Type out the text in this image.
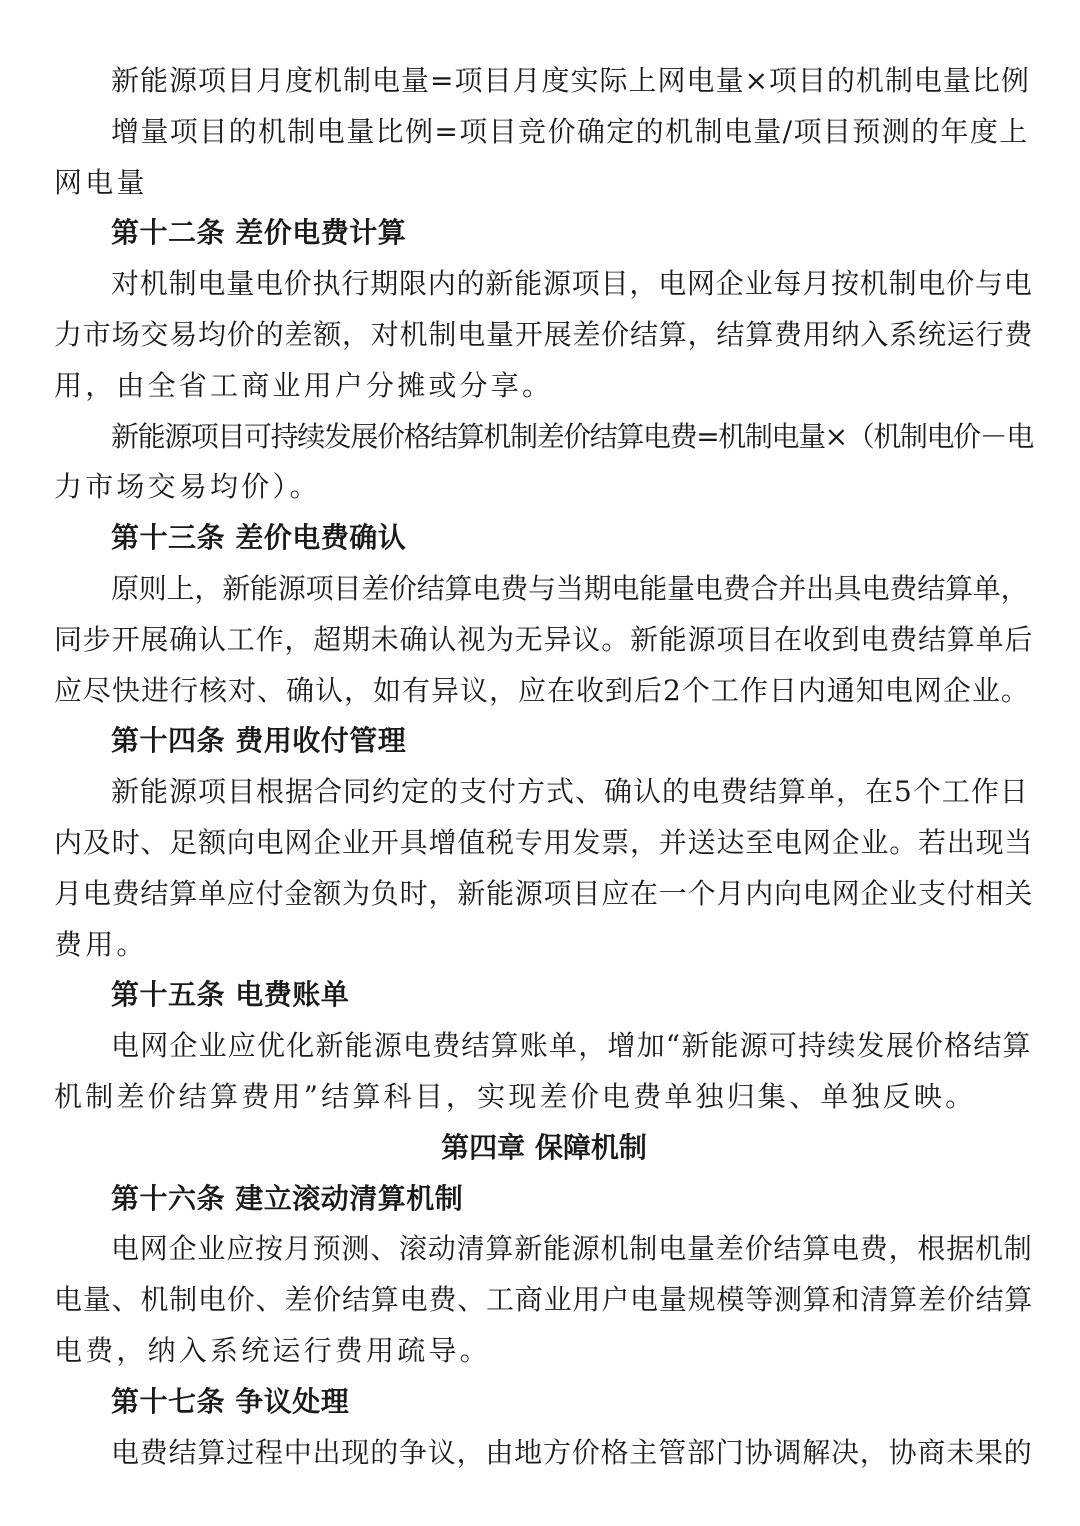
新能源项目月度机制电量=项目月度实际上网电量×项目的机制电量比例
增量项目的机制电量比例=项目竞价确定的机制电量/项目预测的年度上
网电量
第十二条 差价电费计算
对机制电量电价执行期限内的新能源项目，电网企业每月按机制电价与电
力市场交易均价的差额，对机制电量开展差价结算，结算费用纳入系统运行费
用，由全省工商业用户分摊或分享。
新能源项目可持续发展价格结算机制差价结算电费=机制电量×（机制电价－电
力市场交易均价）。
第十三条 差价电费确认
原则上，新能源项目差价结算电费与当期电能量电费合并出具电费结算单，
同步开展确认工作，超期未确认视为无异议。新能源项目在收到电费结算单后
应尽快进行核对、确认，如有异议，应在收到后2个工作日内通知电网企业。
第十四条 费用收付管理
新能源项目根据合同约定的支付方式、确认的电费结算单，在5个工作日
内及时、足额向电网企业开具增值税专用发票，并送达至电网企业。若出现当
月电费结算单应付金额为负时，新能源项目应在一个月内向电网企业支付相关
费用。
第十五条 电费账单
电网企业应优化新能源电费结算账单，增加“新能源可持续发展价格结算
机制差价结算费用”结算科目，实现差价电费单独归集、单独反映。
第四章 保障机制
第十六条 建立滚动清算机制
电网企业应按月预测、滚动清算新能源机制电量差价结算电费，根据机制
电量、机制电价、差价结算电费、工商业用户电量规模等测算和清算差价结算
电费，纳入系统运行费用疏导。
第十七条 争议处理
电费结算过程中出现的争议，由地方价格主管部门协调解决，协商未果的
